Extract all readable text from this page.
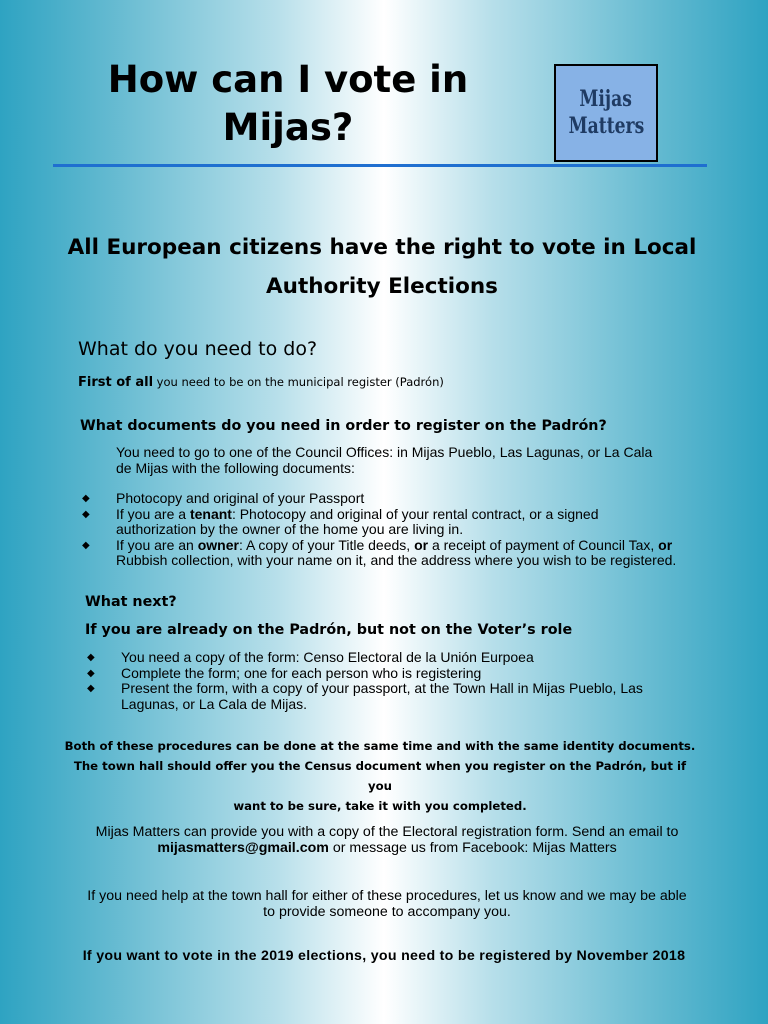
How can I vote in
Mijas?
Mijas
Matters
All European citizens have the right to vote in Local
Authority Elections
What do you need to do?
First of all you need to be on the municipal register (Padrón)
What documents do you need in order to register on the Padrón?
You need to go to one of the Council Offices: in Mijas Pueblo, Las Lagunas, or La Cala
de Mijas with the following documents:
◆ Photocopy and original of your Passport
◆ If you are a tenant: Photocopy and original of your rental contract, or a signed
authorization by the owner of the home you are living in.
◆ If you are an owner: A copy of your Title deeds, or a receipt of payment of Council Tax, or
Rubbish collection, with your name on it, and the address where you wish to be registered.
What next?
If you are already on the Padrón, but not on the Voter’s role
◆ You need a copy of the form: Censo Electoral de la Unión Eurpoea
◆ Complete the form; one for each person who is registering
◆ Present the form, with a copy of your passport, at the Town Hall in Mijas Pueblo, Las
Lagunas, or La Cala de Mijas.
Both of these procedures can be done at the same time and with the same identity documents.
The town hall should offer you the Census document when you register on the Padrón, but if you
want to be sure, take it with you completed.
Mijas Matters can provide you with a copy of the Electoral registration form. Send an email to
mijasmatters@gmail.com or message us from Facebook: Mijas Matters
If you need help at the town hall for either of these procedures, let us know and we may be able
to provide someone to accompany you.
If you want to vote in the 2019 elections, you need to be registered by November 2018
